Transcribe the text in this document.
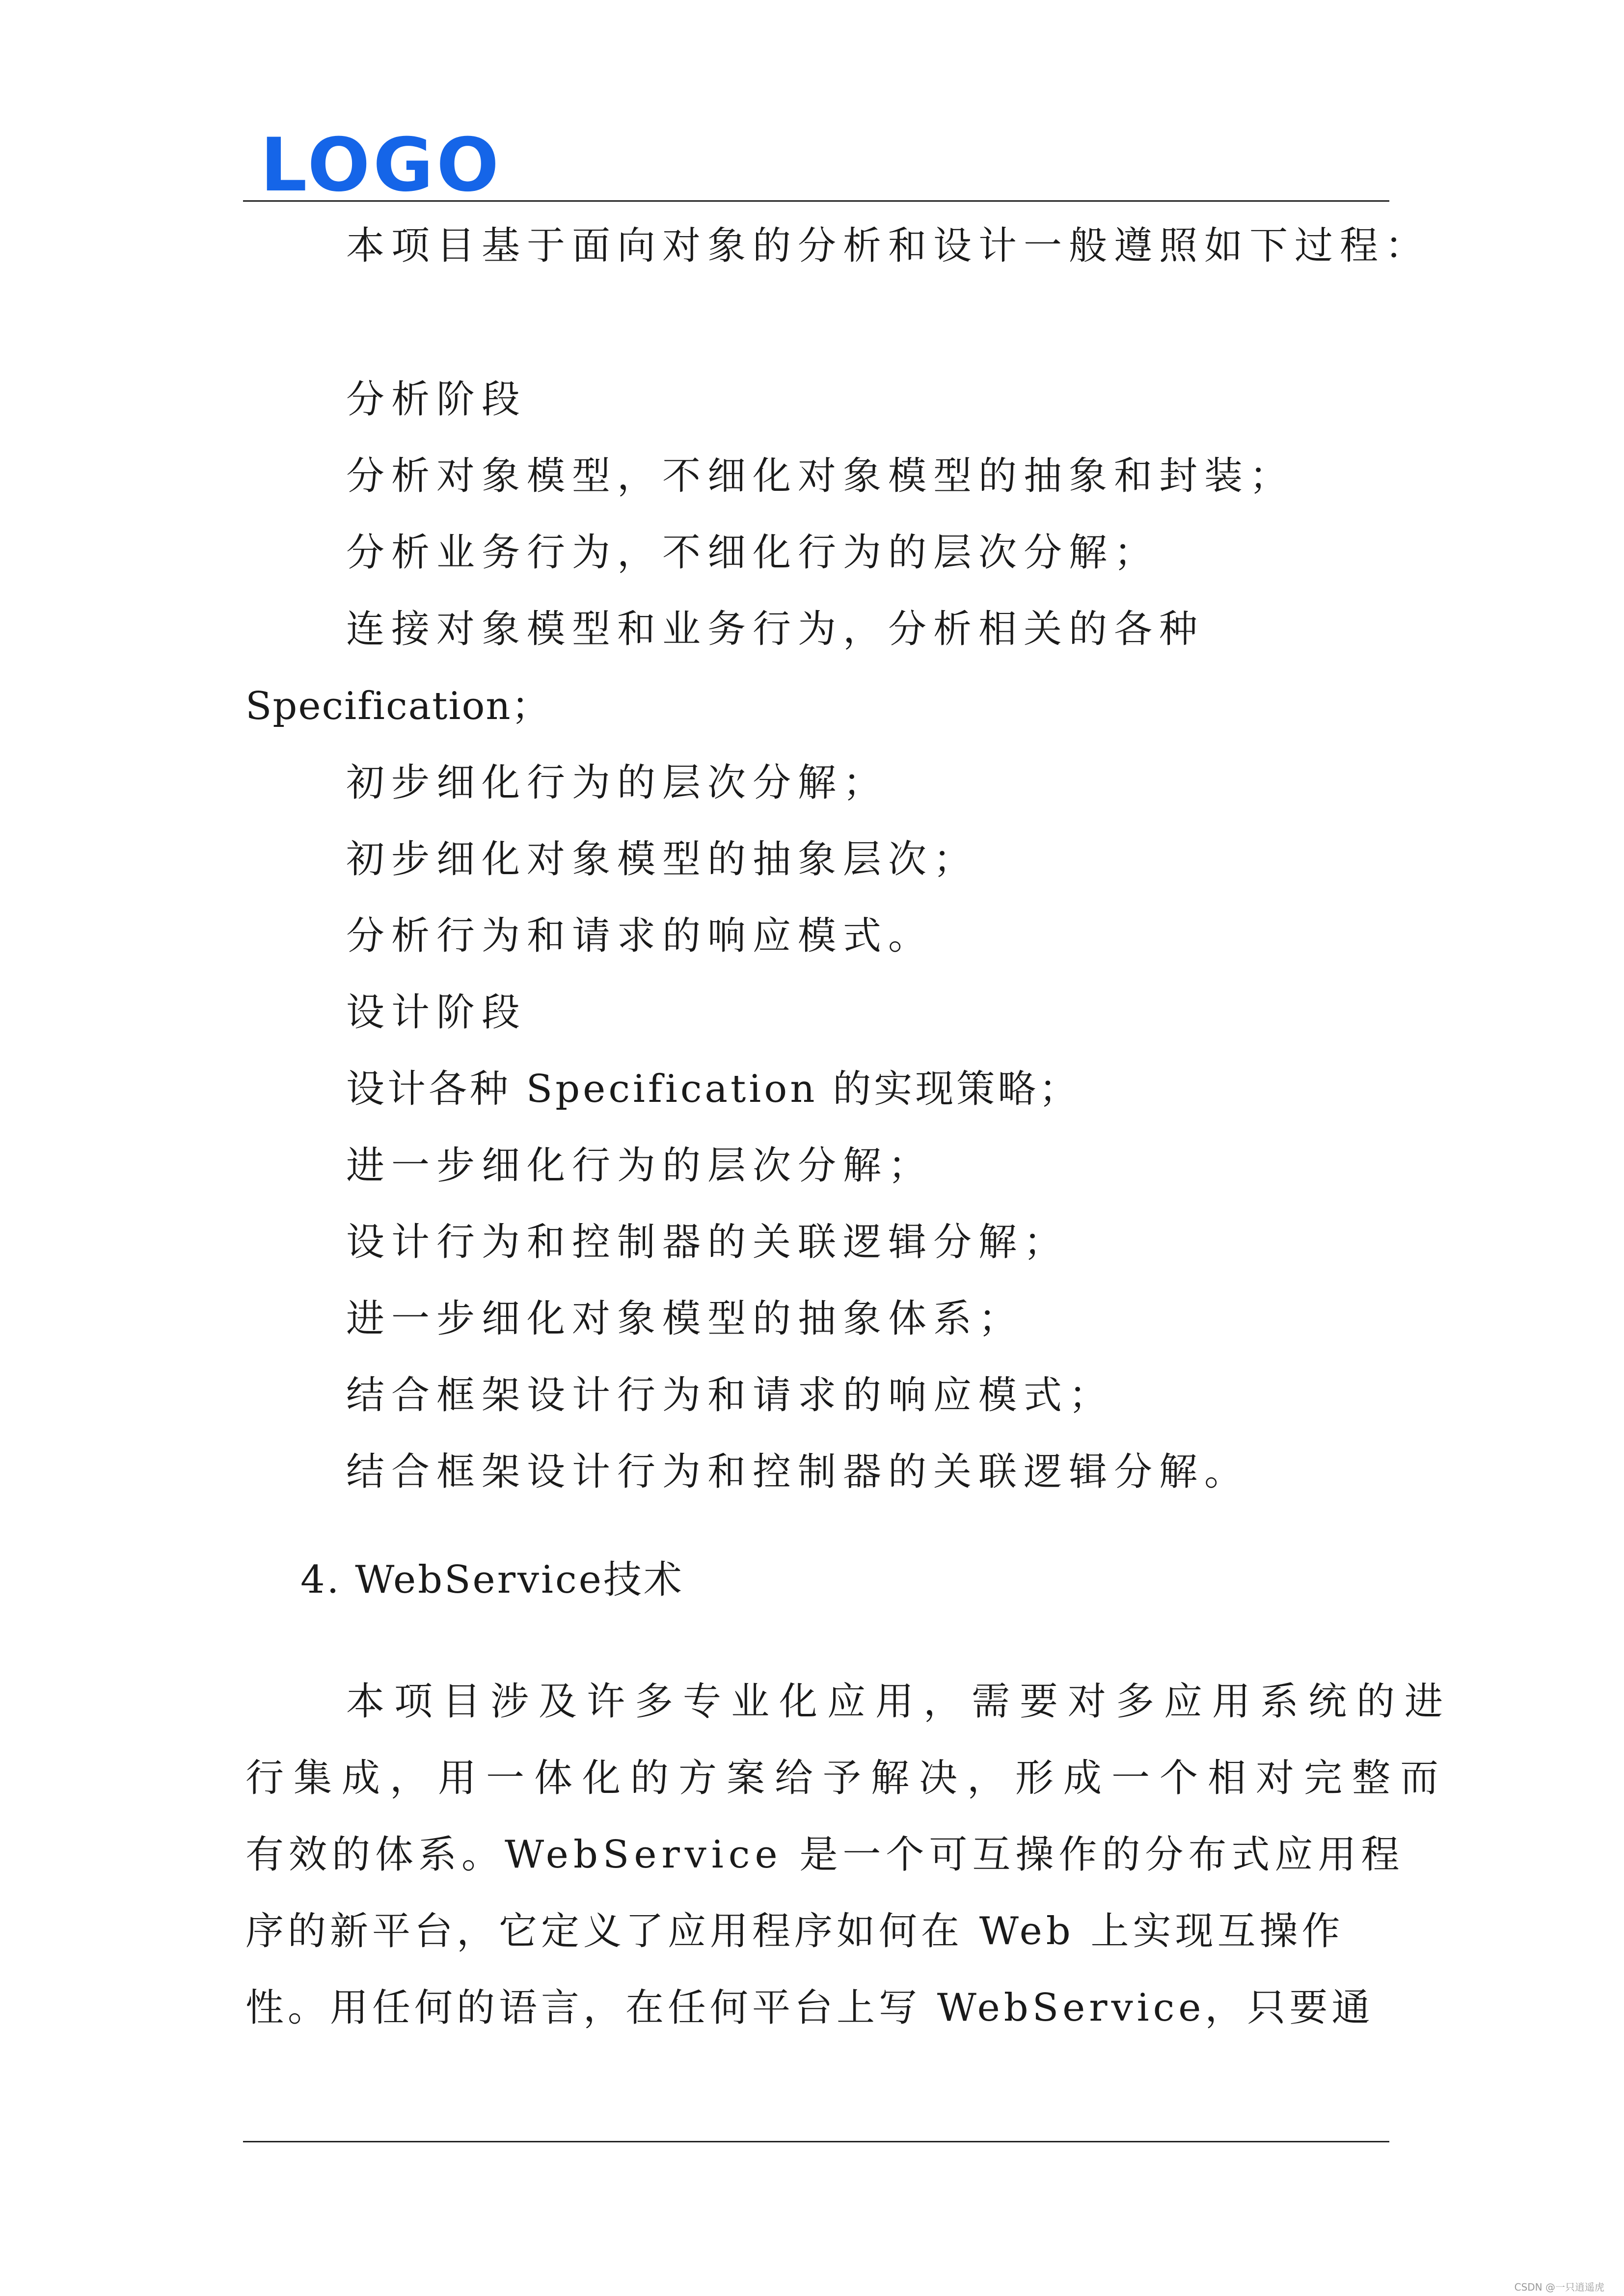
LOGO
本项目基于面向对象的分析和设计一般遵照如下过程：
分析阶段
分析对象模型，不细化对象模型的抽象和封装；
分析业务行为，不细化行为的层次分解；
连接对象模型和业务行为，分析相关的各种
Specification；
初步细化行为的层次分解；
初步细化对象模型的抽象层次；
分析行为和请求的响应模式。
设计阶段
设计各种 Specification 的实现策略；
进一步细化行为的层次分解；
设计行为和控制器的关联逻辑分解；
进一步细化对象模型的抽象体系；
结合框架设计行为和请求的响应模式；
结合框架设计行为和控制器的关联逻辑分解。
4. WebService技术
本项目涉及许多专业化应用，需要对多应用系统的进
行集成，用一体化的方案给予解决，形成一个相对完整而
有效的体系。WebService 是一个可互操作的分布式应用程
序的新平台，它定义了应用程序如何在 Web 上实现互操作
性。用任何的语言，在任何平台上写 WebService，只要通
CSDN @一只逍遥虎
